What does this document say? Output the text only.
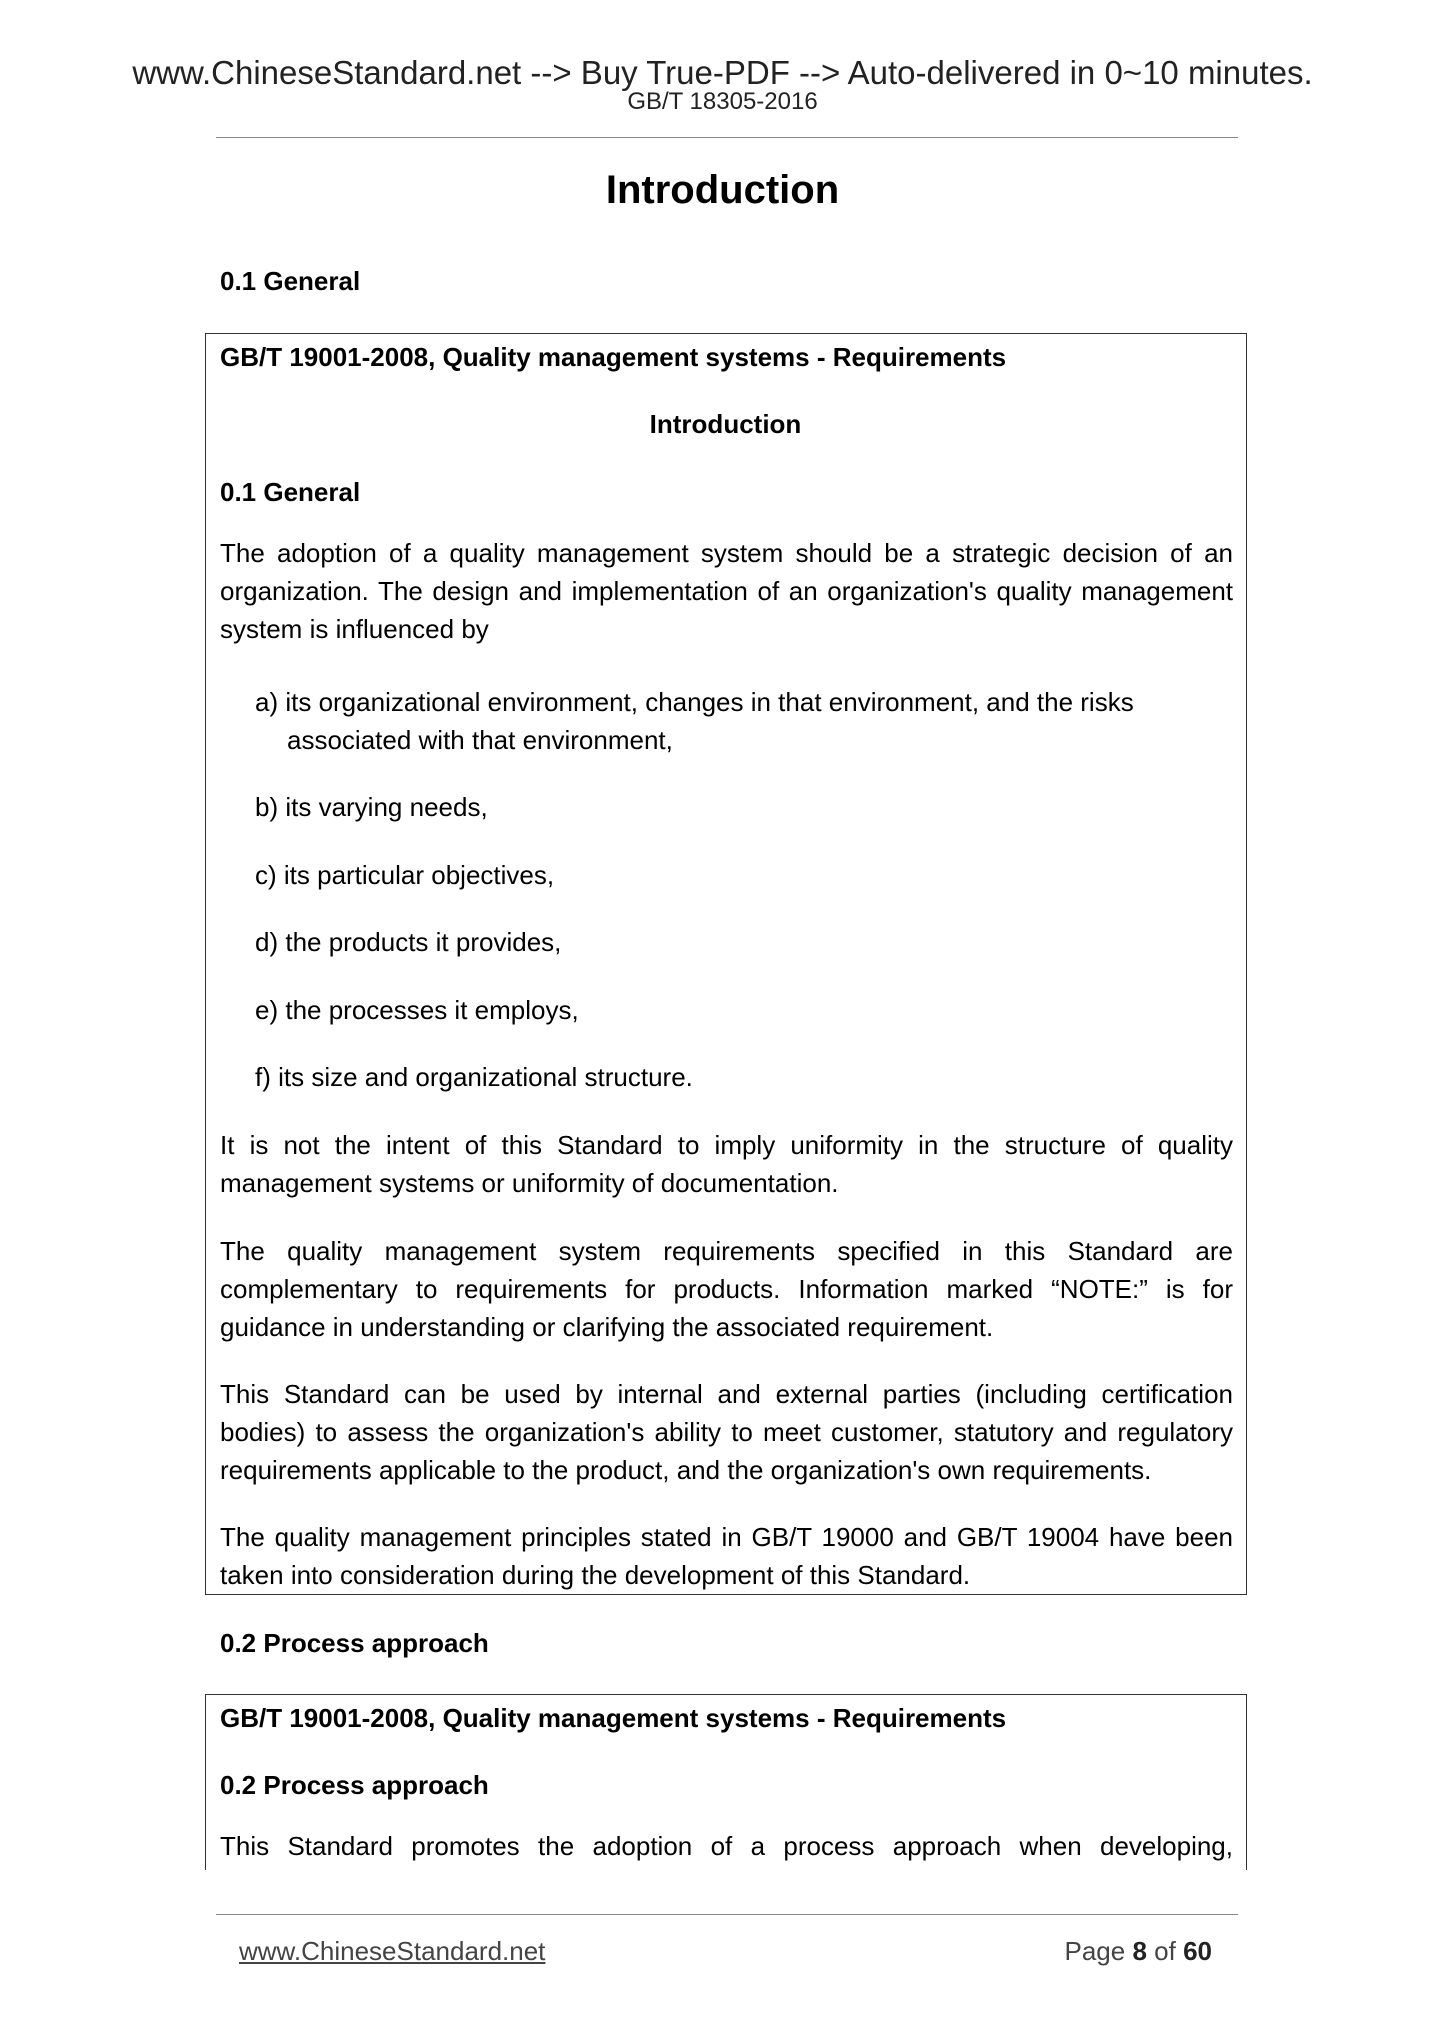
www.ChineseStandard.net --> Buy True-PDF --> Auto-delivered in 0~10 minutes.
GB/T 18305-2016
Introduction
0.1 General
GB/T 19001-2008, Quality management systems - Requirements
Introduction
0.1 General
The adoption of a quality management system should be a strategic decision of an
organization. The design and implementation of an organization's quality management
system is influenced by
a) its organizational environment, changes in that environment, and the risks
associated with that environment,
b) its varying needs,
c) its particular objectives,
d) the products it provides,
e) the processes it employs,
f) its size and organizational structure.
It is not the intent of this Standard to imply uniformity in the structure of quality
management systems or uniformity of documentation.
The quality management system requirements specified in this Standard are
complementary to requirements for products. Information marked “NOTE:” is for
guidance in understanding or clarifying the associated requirement.
This Standard can be used by internal and external parties (including certification
bodies) to assess the organization's ability to meet customer, statutory and regulatory
requirements applicable to the product, and the organization's own requirements.
The quality management principles stated in GB/T 19000 and GB/T 19004 have been
taken into consideration during the development of this Standard.
0.2 Process approach
GB/T 19001-2008, Quality management systems - Requirements
0.2 Process approach
This Standard promotes the adoption of a process approach when developing,
www.ChineseStandard.net	Page 8 of 60
